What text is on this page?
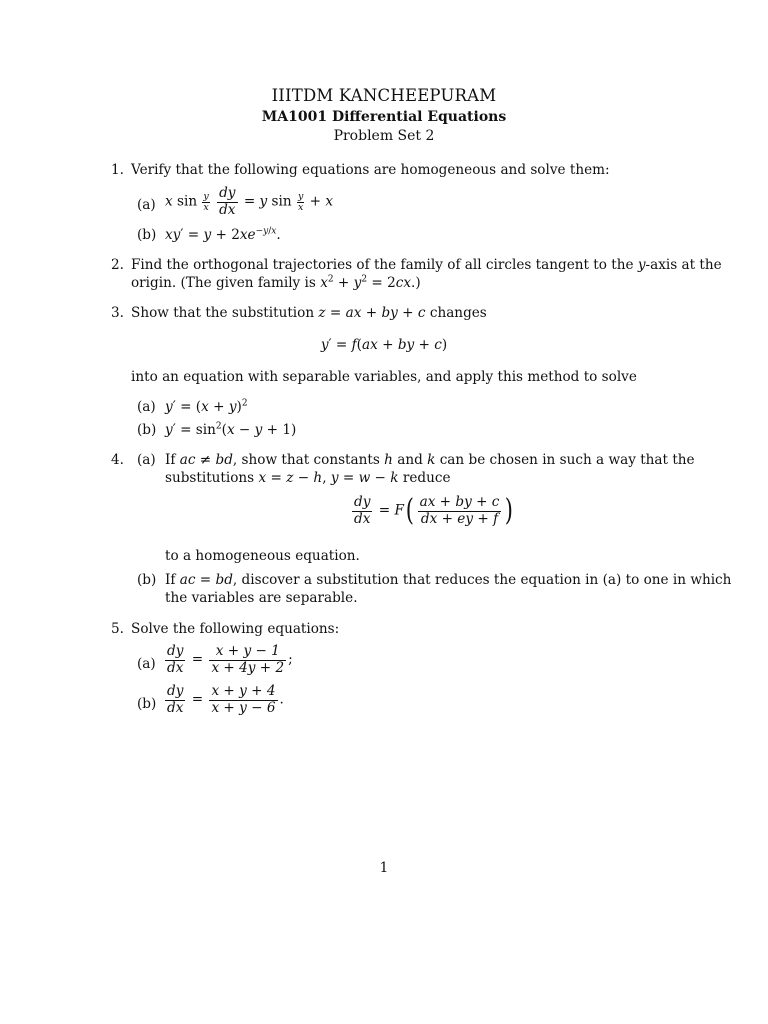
IIITDM KANCHEEPURAM
MA1001 Differential Equations
Problem Set 2
1. Verify that the following equations are homogeneous and solve them:
(a) x $\sin \frac{y}{x}$
$\frac{dy}{dx} = y$ $\sin \frac{y}{x} + x$
(b) $xy' = y + 2xe^{-y/x}$.
2. Find the orthogonal trajectories of the family of all circles tangent to the y-axis at the
origin. (The given family is $x^2 + y^2 = 2cx$.)
3. Show that the substitution z = ax + by + c changes
y′ = f(ax + by + c)
into an equation with separable variables, and apply this method to solve
(a) $y' = (x + y)^2$
(b) $y' = \sin^2(x - y + 1)$
4. (a) If ac ≠ bd, show that constants h and k can be chosen in such a way that the
substitutions x = z − h, y = w − k reduce
$\frac{dy}{dx} = F( \frac{ax + by + c}{dx + ey + f}$ )
to a homogeneous equation.
(b) If ac = bd, discover a substitution that reduces the equation in (a) to one in which
the variables are separable.
5. Solve the following equations:
$(a) \frac{dy}{dx} = \frac{x + y - 1}{x + 4y + 2}$ ;
$(b) \frac{dy}{dx} = \frac{x + y + 4}{x + y - 6}$ .
1
